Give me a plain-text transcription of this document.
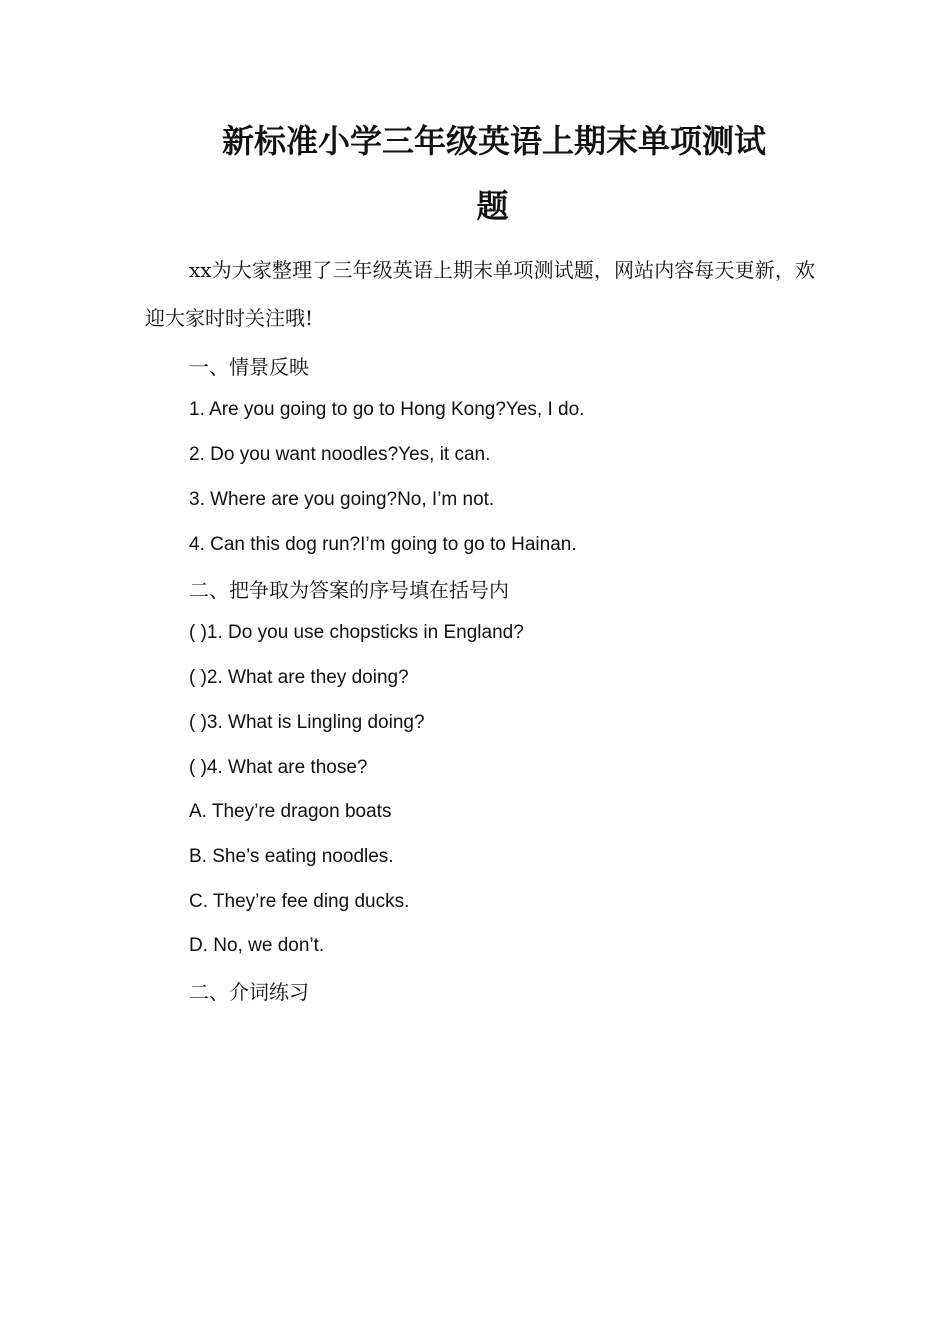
新标准小学三年级英语上期末单项测试
题

xx为大家整理了三年级英语上期末单项测试题，网站内容每天更新，欢迎大家时时关注哦!

一、情景反映

1. Are you going to go to Hong Kong?Yes, I do.

2. Do you want noodles?Yes, it can.

3. Where are you going?No, I’m not.

4. Can this dog run?I’m going to go to Hainan.

二、把争取为答案的序号填在括号内

( )1. Do you use chopsticks in England?

( )2. What are they doing?

( )3. What is Lingling doing?

( )4. What are those?

A. They’re dragon boats

B. She’s eating noodles.

C. They’re fee ding ducks.

D. No, we don’t.

二、介词练习
